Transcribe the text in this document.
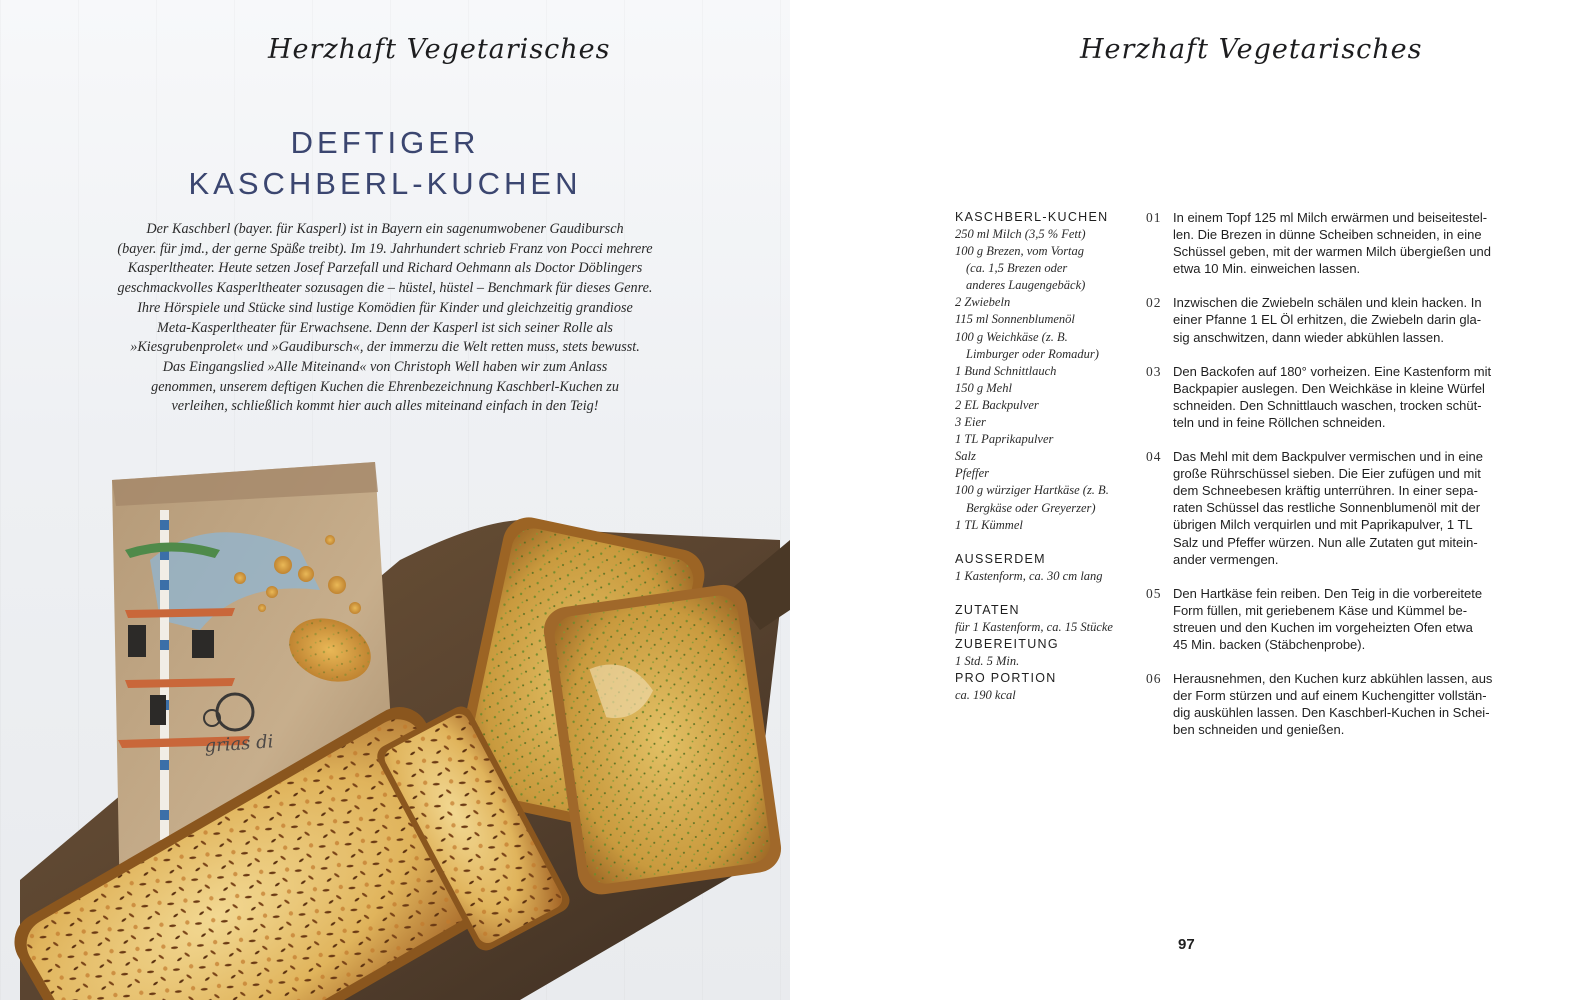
Herzhaft Vegetarisches
DEFTIGER
KASCHBERL-KUCHEN

Der Kaschberl (bayer. für Kasperl) ist in Bayern ein sagenumwobener Gaudibursch
(bayer. für jmd., der gerne Späße treibt). Im 19. Jahrhundert schrieb Franz von Pocci mehrere
Kasperltheater. Heute setzen Josef Parzefall und Richard Oehmann als Doctor Döblingers
geschmackvolles Kasperltheater sozusagen die – hüstel, hüstel – Benchmark für dieses Genre.
Ihre Hörspiele und Stücke sind lustige Komödien für Kinder und gleichzeitig grandiose
Meta-Kasperltheater für Erwachsene. Denn der Kasperl ist sich seiner Rolle als
»Kiesgrubenprolet« und »Gaudibursch«, der immerzu die Welt retten muss, stets bewusst.
Das Eingangslied »Alle Miteinand« von Christoph Well haben wir zum Anlass
genommen, unserem deftigen Kuchen die Ehrenbezeichnung Kaschberl-Kuchen zu
verleihen, schließlich kommt hier auch alles miteinand einfach in den Teig!

grias di
Herzhaft Vegetarisches

KASCHBERL-KUCHEN

250 ml Milch (3,5 % Fett)

100 g Brezen, vom Vortag

(ca. 1,5 Brezen oder

anderes Laugengebäck)

2 Zwiebeln

115 ml Sonnenblumenöl

100 g Weichkäse (z. B.

Limburger oder Romadur)

1 Bund Schnittlauch

150 g Mehl

2 EL Backpulver

3 Eier

1 TL Paprikapulver

Salz

Pfeffer

100 g würziger Hartkäse (z. B.

Bergkäse oder Greyerzer)

1 TL Kümmel

AUSSERDEM

1 Kastenform, ca. 30 cm lang

ZUTATEN

für 1 Kastenform, ca. 15 Stücke

ZUBEREITUNG

1 Std. 5 Min.

PRO PORTION

ca. 190 kcal

01 In einem Topf 125 ml Milch erwärmen und beiseitestel-
len. Die Brezen in dünne Scheiben schneiden, in eine
Schüssel geben, mit der warmen Milch übergießen und
etwa 10 Min. einweichen lassen.

02 Inzwischen die Zwiebeln schälen und klein hacken. In
einer Pfanne 1 EL Öl erhitzen, die Zwiebeln darin gla-
sig anschwitzen, dann wieder abkühlen lassen.

03 Den Backofen auf 180° vorheizen. Eine Kastenform mit
Backpapier auslegen. Den Weichkäse in kleine Würfel
schneiden. Den Schnittlauch waschen, trocken schüt-
teln und in feine Röllchen schneiden.

04 Das Mehl mit dem Backpulver vermischen und in eine
große Rührschüssel sieben. Die Eier zufügen und mit
dem Schneebesen kräftig unterrühren. In einer sepa-
raten Schüssel das restliche Sonnenblumenöl mit der
übrigen Milch verquirlen und mit Paprikapulver, 1 TL
Salz und Pfeffer würzen. Nun alle Zutaten gut mitein-
ander vermengen.

05 Den Hartkäse fein reiben. Den Teig in die vorbereitete
Form füllen, mit geriebenem Käse und Kümmel be-
streuen und den Kuchen im vorgeheizten Ofen etwa
45 Min. backen (Stäbchenprobe).

06 Herausnehmen, den Kuchen kurz abkühlen lassen, aus
der Form stürzen und auf einem Kuchengitter vollstän-
dig auskühlen lassen. Den Kaschberl-Kuchen in Schei-
ben schneiden und genießen.

97
